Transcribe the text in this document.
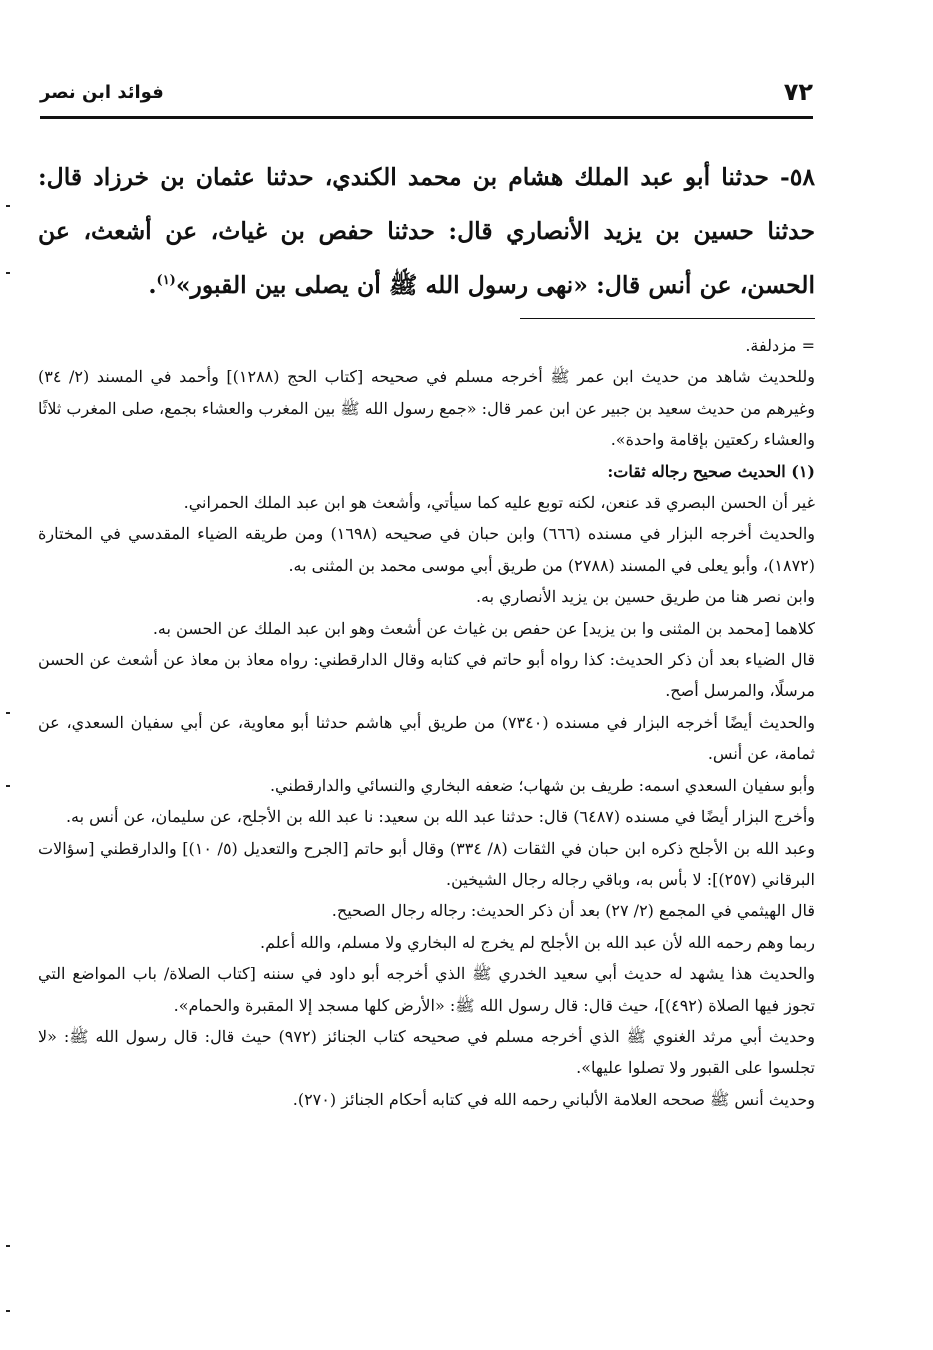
٧٢
فوائد ابن نصر
٥٨- حدثنا أبو عبد الملك هشام بن محمد الكندي، حدثنا عثمان بن خرزاد قال: حدثنا حسين بن يزيد الأنصاري قال: حدثنا حفص بن غياث، عن أشعث، عن الحسن، عن أنس قال: «نهى رسول الله ﷺ أن يصلى بين القبور»$^{(١)}$.

= مزدلفة.

وللحديث شاهد من حديث ابن عمر ﷺ أخرجه مسلم في صحيحه [كتاب الحج (١٢٨٨)] وأحمد في المسند (٢/ ٣٤) وغيرهم من حديث سعيد بن جبير عن ابن عمر قال: «جمع رسول الله ﷺ بين المغرب والعشاء بجمع، صلى المغرب ثلاثًا والعشاء ركعتين بإقامة واحدة».

(١) الحديث صحيح رجاله ثقات:

غير أن الحسن البصري قد عنعن، لكنه توبع عليه كما سيأتي، وأشعث هو ابن عبد الملك الحمراني.

والحديث أخرجه البزار في مسنده (٦٦٦) وابن حبان في صحيحه (١٦٩٨) ومن طريقه الضياء المقدسي في المختارة (١٨٧٢)، وأبو يعلى في المسند (٢٧٨٨) من طريق أبي موسى محمد بن المثنى به.

وابن نصر هنا من طريق حسين بن يزيد الأنصاري به.

كلاهما [محمد بن المثنى وا بن يزيد] عن حفص بن غياث عن أشعث وهو ابن عبد الملك عن الحسن به.

قال الضياء بعد أن ذكر الحديث: كذا رواه أبو حاتم في كتابه وقال الدارقطني: رواه معاذ بن معاذ عن أشعث عن الحسن مرسلًا، والمرسل أصح.

والحديث أيضًا أخرجه البزار في مسنده (٧٣٤٠) من طريق أبي هاشم حدثنا أبو معاوية، عن أبي سفيان السعدي، عن ثمامة، عن أنس.

وأبو سفيان السعدي اسمه: طريف بن شهاب؛ ضعفه البخاري والنسائي والدارقطني.

وأخرج البزار أيضًا في مسنده (٦٤٨٧) قال: حدثنا عبد الله بن سعيد: نا عبد الله بن الأجلح، عن سليمان، عن أنس به.

وعبد الله بن الأجلح ذكره ابن حبان في الثقات (٨/ ٣٣٤) وقال أبو حاتم [الجرح والتعديل (٥/ ١٠)] والدارقطني [سؤالات البرقاني (٢٥٧)]: لا بأس به، وباقي رجاله رجال الشيخين.

قال الهيثمي في المجمع (٢/ ٢٧) بعد أن ذكر الحديث: رجاله رجال الصحيح.

ربما وهم رحمه الله لأن عبد الله بن الأجلح لم يخرج له البخاري ولا مسلم، والله أعلم.

والحديث هذا يشهد له حديث أبي سعيد الخدري ﷺ الذي أخرجه أبو داود في سننه [كتاب الصلاة/ باب المواضع التي تجوز فيها الصلاة (٤٩٢)]، حيث قال: قال رسول الله ﷺ: «الأرض كلها مسجد إلا المقبرة والحمام».

وحديث أبي مرثد الغنوي ﷺ الذي أخرجه مسلم في صحيحه كتاب الجنائز (٩٧٢) حيث قال: قال رسول الله ﷺ: «لا تجلسوا على القبور ولا تصلوا عليها».

وحديث أنس ﷺ صححه العلامة الألباني رحمه الله في كتابه أحكام الجنائز (٢٧٠).
